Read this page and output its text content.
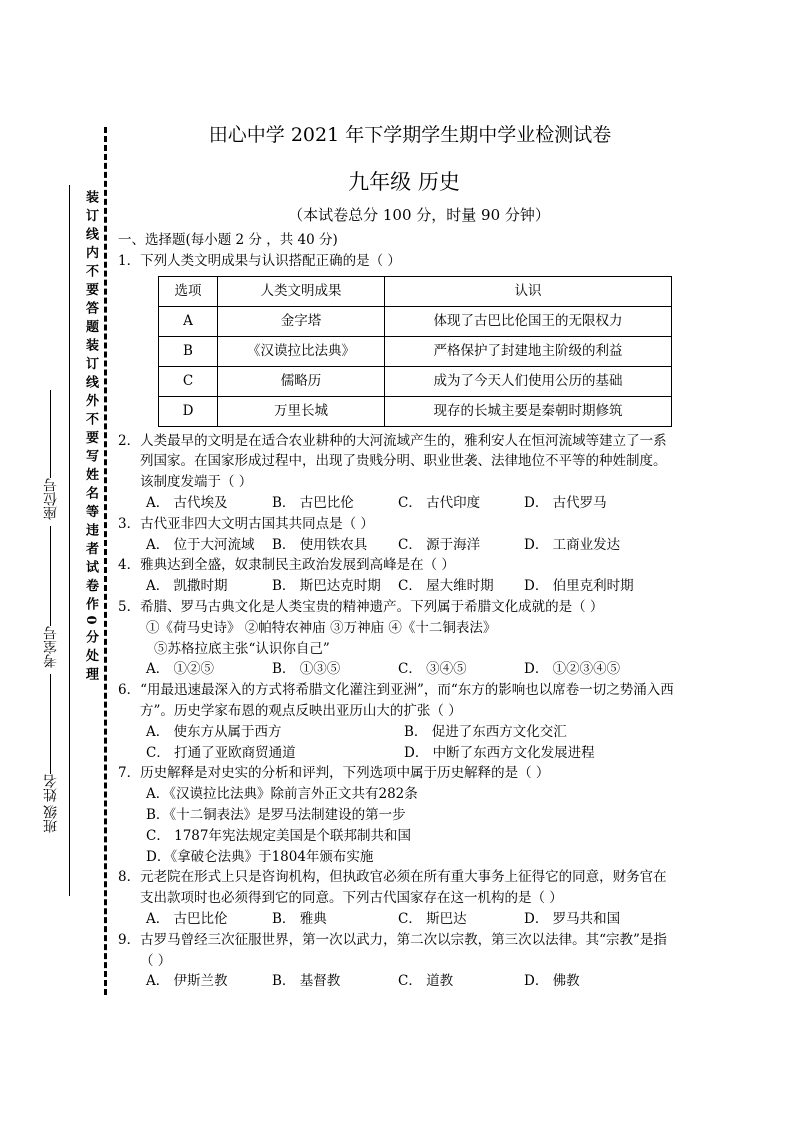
装订线内不要答题装订线外不要写姓名等违者试卷作0分处理
座位号
考室号
姓名
班级
田心中学 2021 年下学期学生期中学业检测试卷
九年级 历史
（本试卷总分 100 分，时量 90 分钟）
一、选择题(每小题 2 分 ，共 40 分)
1．下列人类文明成果与认识搭配正确的是（ ）
选项	人类文明成果	认识
A	金字塔	体现了古巴比伦国王的无限权力
B	《汉谟拉比法典》	严格保护了封建地主阶级的利益
C	儒略历	成为了今天人们使用公历的基础
D	万里长城	现存的长城主要是秦朝时期修筑
2．人类最早的文明是在适合农业耕种的大河流域产生的，雅利安人在恒河流域等建立了一系列国家。在国家形成过程中，出现了贵贱分明、职业世袭、法律地位不平等的种姓制度。该制度发端于（ ）
A． 古代埃及	B． 古巴比伦	C． 古代印度	D． 古代罗马
3．古代亚非四大文明古国其共同点是（ ）
A． 位于大河流域	B． 使用铁农具	C． 源于海洋	D． 工商业发达
4．雅典达到全盛，奴隶制民主政治发展到高峰是在（ ）
A． 凯撒时期	B． 斯巴达克时期	C． 屋大维时期	D． 伯里克利时期
5．希腊、罗马古典文化是人类宝贵的精神遗产。下列属于希腊文化成就的是（ ）
①《荷马史诗》 ②帕特农神庙 ③万神庙 ④《十二铜表法》
⑤苏格拉底主张“认识你自己”
A． ①②⑤	B． ①③⑤	C． ③④⑤	D． ①②③④⑤
6．“用最迅速最深入的方式将希腊文化灌注到亚洲”，而“东方的影响也以席卷一切之势涌入西方”。历史学家布恩的观点反映出亚历山大的扩张（ ）
A． 使东方从属于西方	B． 促进了东西方文化交汇
C． 打通了亚欧商贸通道	D． 中断了东西方文化发展进程
7．历史解释是对史实的分析和评判，下列选项中属于历史解释的是（ ）
A．《汉谟拉比法典》除前言外正文共有282条
B．《十二铜表法》是罗马法制建设的第一步
C． 1787年宪法规定美国是个联邦制共和国
D．《拿破仑法典》于1804年颁布实施
8．元老院在形式上只是咨询机构，但执政官必须在所有重大事务上征得它的同意，财务官在支出款项时也必须得到它的同意。下列古代国家存在这一机构的是（ ）
A． 古巴比伦	B． 雅典	C． 斯巴达	D． 罗马共和国
9．古罗马曾经三次征服世界，第一次以武力，第二次以宗教，第三次以法律。其“宗教”是指（ ）
A． 伊斯兰教	B． 基督教	C． 道教	D． 佛教
